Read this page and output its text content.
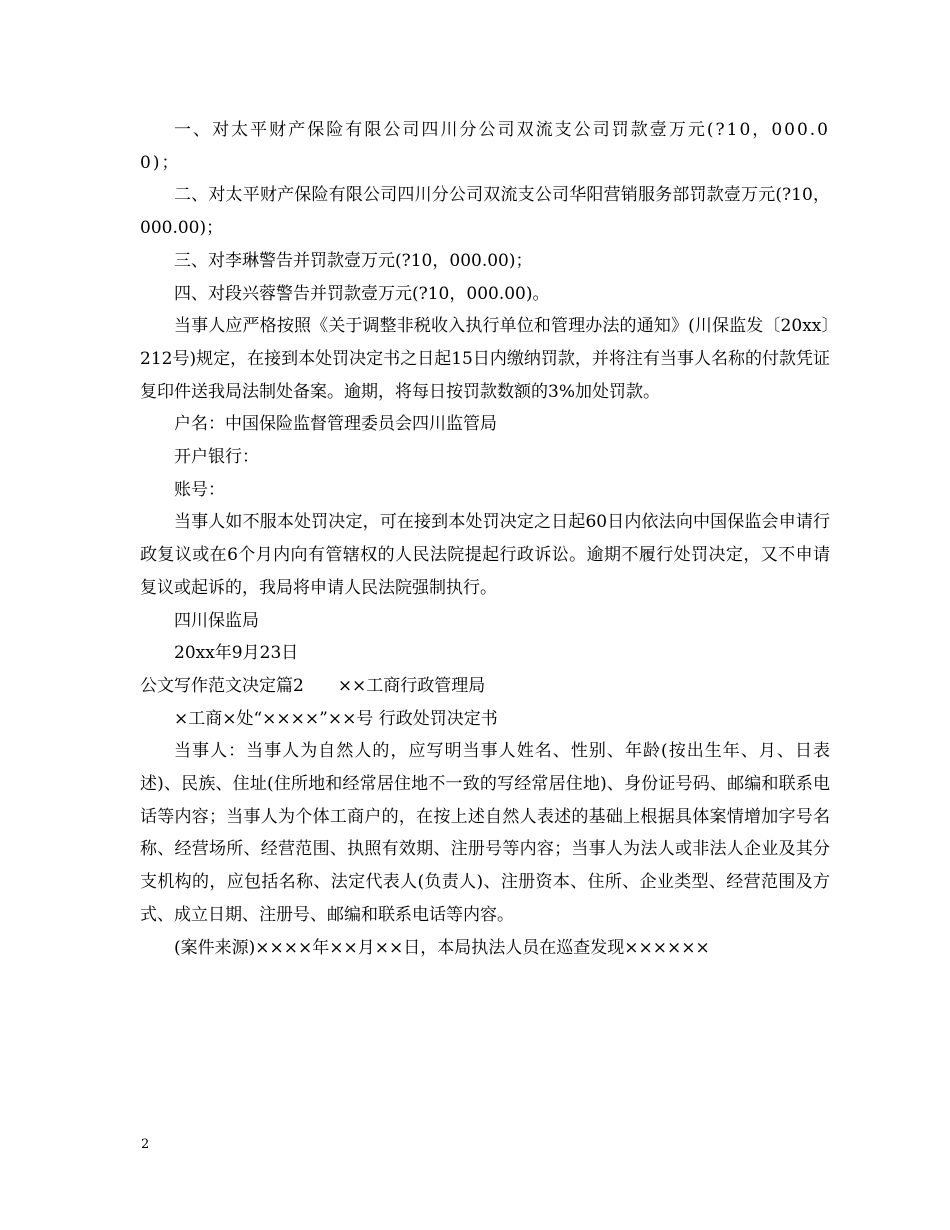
一、对太平财产保险有限公司四川分公司双流支公司罚款壹万元(?10，000.00)；

二、对太平财产保险有限公司四川分公司双流支公司华阳营销服务部罚款壹万元(?10，000.00)；

三、对李琳警告并罚款壹万元(?10，000.00)；

四、对段兴蓉警告并罚款壹万元(?10，000.00)。

当事人应严格按照《关于调整非税收入执行单位和管理办法的通知》(川保监发〔20xx〕212号)规定，在接到本处罚决定书之日起15日内缴纳罚款，并将注有当事人名称的付款凭证复印件送我局法制处备案。逾期，将每日按罚款数额的3%加处罚款。

户名：中国保险监督管理委员会四川监管局

开户银行：

账号：

当事人如不服本处罚决定，可在接到本处罚决定之日起60日内依法向中国保监会申请行政复议或在6个月内向有管辖权的人民法院提起行政诉讼。逾期不履行处罚决定，又不申请复议或起诉的，我局将申请人民法院强制执行。

四川保监局

20xx年9月23日

公文写作范文决定篇2　　××工商行政管理局

×工商×处“××××”××号 行政处罚决定书

当事人：当事人为自然人的，应写明当事人姓名、性别、年龄(按出生年、月、日表述)、民族、住址(住所地和经常居住地不一致的写经常居住地)、身份证号码、邮编和联系电话等内容；当事人为个体工商户的，在按上述自然人表述的基础上根据具体案情增加字号名称、经营场所、经营范围、执照有效期、注册号等内容；当事人为法人或非法人企业及其分支机构的，应包括名称、法定代表人(负责人)、注册资本、住所、企业类型、经营范围及方式、成立日期、注册号、邮编和联系电话等内容。

(案件来源)××××年××月××日，本局执法人员在巡查发现××××××

2
